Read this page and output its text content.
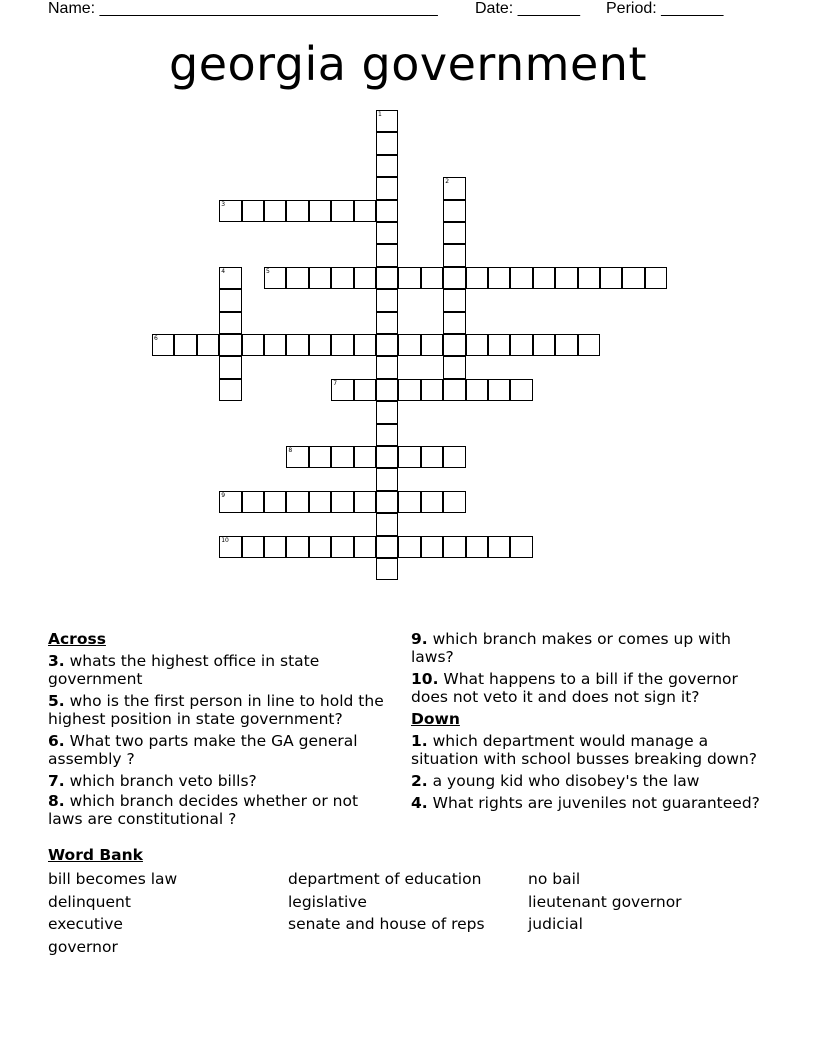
Name: ______________________________________ Date: _______ Period: _______
georgia government
1
2
3
4	5
6
7
8
9
10
Across
3. whats the highest office in state government
5. who is the first person in line to hold the highest position in state government?
6. What two parts make the GA general assembly ?
7. which branch veto bills?
8. which branch decides whether or not laws are constitutional ?
9. which branch makes or comes up with laws?
10. What happens to a bill if the governor does not veto it and does not sign it?
Down
1. which department would manage a situation with school busses breaking down?
2. a young kid who disobey's the law
4. What rights are juveniles not guaranteed?
Word Bank
bill becomes law
delinquent
executive
governor
department of education
legislative
senate and house of reps
no bail
lieutenant governor
judicial
